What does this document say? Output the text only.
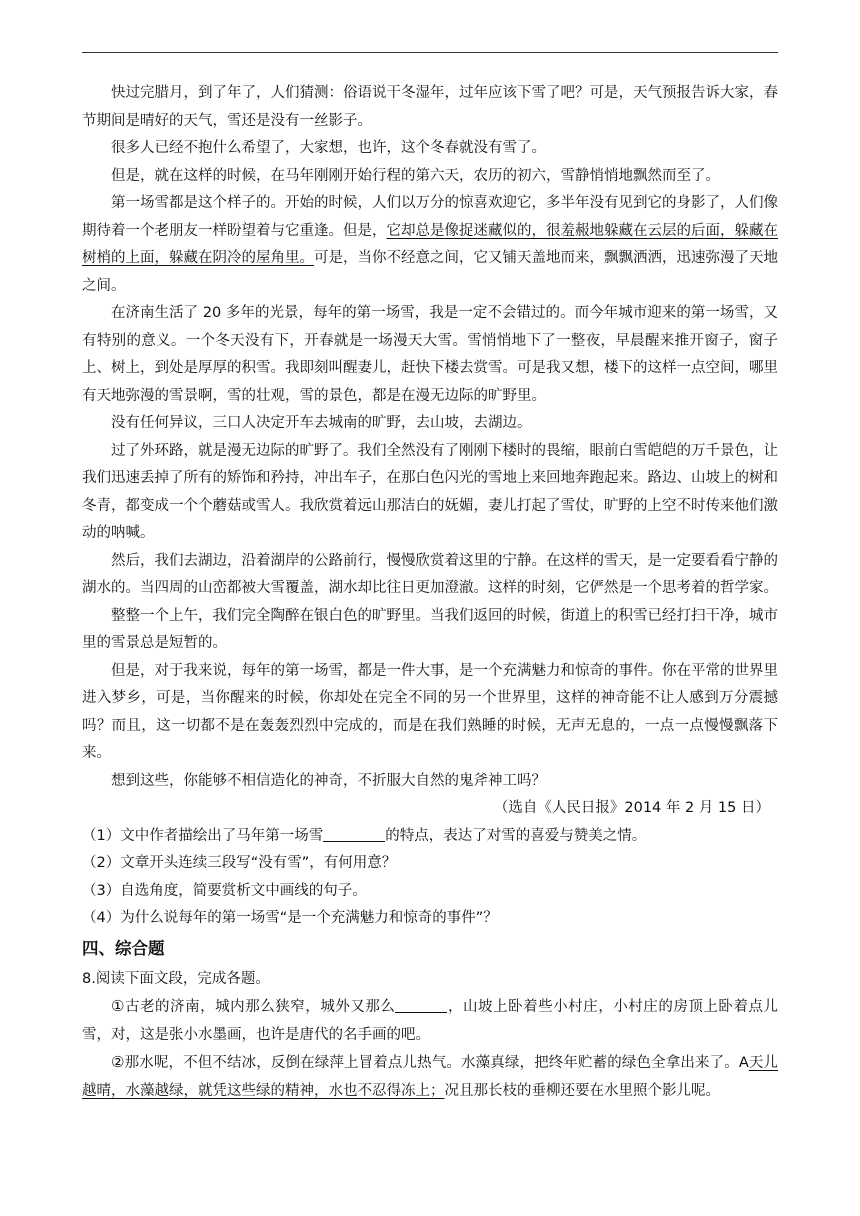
快过完腊月，到了年了，人们猜测：俗语说干冬湿年，过年应该下雪了吧？可是，天气预报告诉大家，春节期间是晴好的天气，雪还是没有一丝影子。

很多人已经不抱什么希望了，大家想，也许，这个冬春就没有雪了。

但是，就在这样的时候，在马年刚刚开始行程的第六天，农历的初六，雪静悄悄地飘然而至了。

第一场雪都是这个样子的。开始的时候，人们以万分的惊喜欢迎它，多半年没有见到它的身影了，人们像期待着一个老朋友一样盼望着与它重逢。但是，它却总是像捉迷藏似的，很羞赧地躲藏在云层的后面，躲藏在树梢的上面，躲藏在阴冷的屋角里。可是，当你不经意之间，它又铺天盖地而来，飘飘洒洒，迅速弥漫了天地之间。

在济南生活了 20 多年的光景，每年的第一场雪，我是一定不会错过的。而今年城市迎来的第一场雪，又有特别的意义。一个冬天没有下，开春就是一场漫天大雪。雪悄悄地下了一整夜，早晨醒来推开窗子，窗子上、树上，到处是厚厚的积雪。我即刻叫醒妻儿，赶快下楼去赏雪。可是我又想，楼下的这样一点空间，哪里有天地弥漫的雪景啊，雪的壮观，雪的景色，都是在漫无边际的旷野里。

没有任何异议，三口人决定开车去城南的旷野，去山坡，去湖边。

过了外环路，就是漫无边际的旷野了。我们全然没有了刚刚下楼时的畏缩，眼前白雪皑皑的万千景色，让我们迅速丢掉了所有的矫饰和矜持，冲出车子，在那白色闪光的雪地上来回地奔跑起来。路边、山坡上的树和冬青，都变成一个个蘑菇或雪人。我欣赏着远山那洁白的妩媚，妻儿打起了雪仗，旷野的上空不时传来他们激动的呐喊。

然后，我们去湖边，沿着湖岸的公路前行，慢慢欣赏着这里的宁静。在这样的雪天，是一定要看看宁静的湖水的。当四周的山峦都被大雪覆盖，湖水却比往日更加澄澈。这样的时刻，它俨然是一个思考着的哲学家。

整整一个上午，我们完全陶醉在银白色的旷野里。当我们返回的时候，街道上的积雪已经打扫干净，城市里的雪景总是短暂的。

但是，对于我来说，每年的第一场雪，都是一件大事，是一个充满魅力和惊奇的事件。你在平常的世界里进入梦乡，可是，当你醒来的时候，你却处在完全不同的另一个世界里，这样的神奇能不让人感到万分震撼吗？而且，这一切都不是在轰轰烈烈中完成的，而是在我们熟睡的时候，无声无息的，一点一点慢慢飘落下来。

想到这些，你能够不相信造化的神奇，不折服大自然的鬼斧神工吗？

（选自《人民日报》2014 年 2 月 15 日）

（1）文中作者描绘出了马年第一场雪	的特点，表达了对雪的喜爱与赞美之情。

（2）文章开头连续三段写“没有雪”，有何用意？

（3）自选角度，简要赏析文中画线的句子。

（4）为什么说每年的第一场雪“是一个充满魅力和惊奇的事件”？

四、综合题

8.阅读下面文段，完成各题。

①古老的济南，城内那么狭窄，城外又那么	，山坡上卧着些小村庄，小村庄的房顶上卧着点儿雪，对，这是张小水墨画，也许是唐代的名手画的吧。

②那水呢，不但不结冰，反倒在绿萍上冒着点儿热气。水藻真绿，把终年贮蓄的绿色全拿出来了。A天儿越晴，水藻越绿，就凭这些绿的精神，水也不忍得冻上；况且那长枝的垂柳还要在水里照个影儿呢。
